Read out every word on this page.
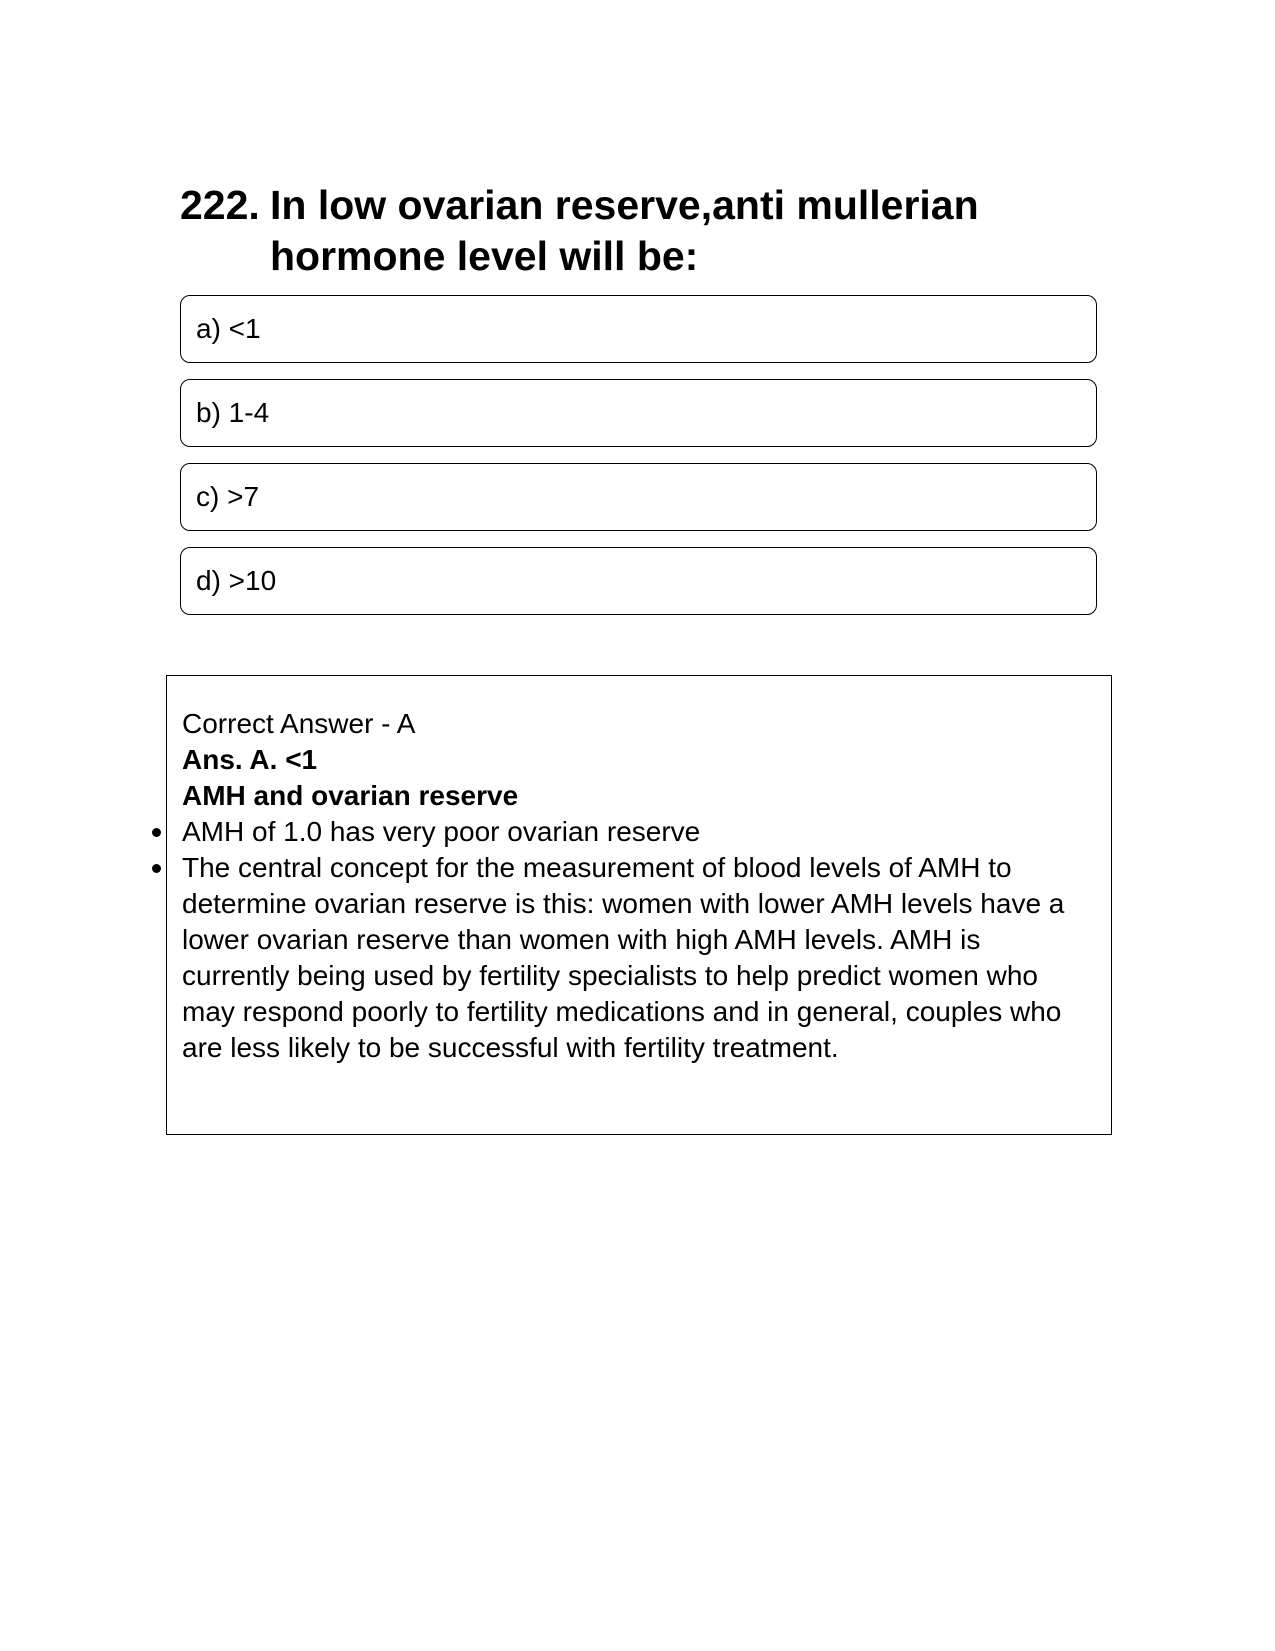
222. In low ovarian reserve,anti mullerian hormone level will be:
a) <1
b) 1-4
c) >7
d) >10
Correct Answer - A
Ans. A. <1
AMH and ovarian reserve
AMH of 1.0 has very poor ovarian reserve
The central concept for the measurement of blood levels of AMH to determine ovarian reserve is this: women with lower AMH levels have a lower ovarian reserve than women with high AMH levels. AMH is currently being used by fertility specialists to help predict women who may respond poorly to fertility medications and in general, couples who are less likely to be successful with fertility treatment.
